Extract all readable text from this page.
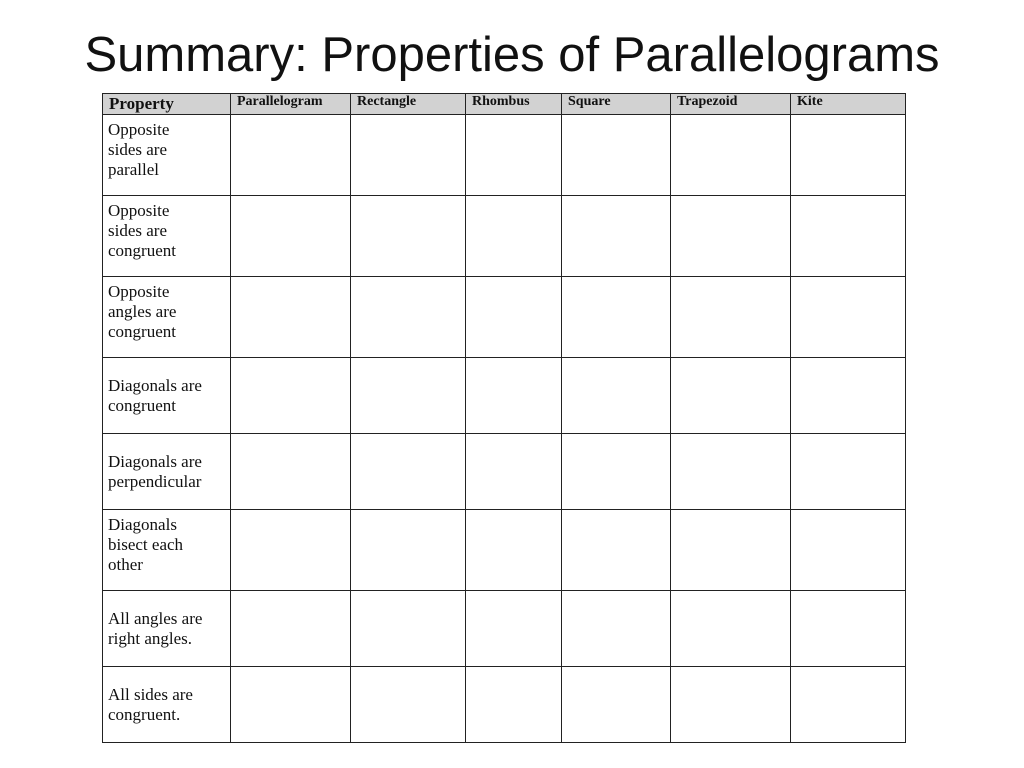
Summary: Properties of Parallelograms
Property	Parallelogram	Rectangle	Rhombus	Square	Trapezoid	Kite

Opposite
sides are
parallel						

Opposite
sides are
congruent						

Opposite
angles are
congruent						

Diagonals are
congruent						

Diagonals are
perpendicular						

Diagonals
bisect each
other						

All angles are
right angles.						

All sides are
congruent.						
